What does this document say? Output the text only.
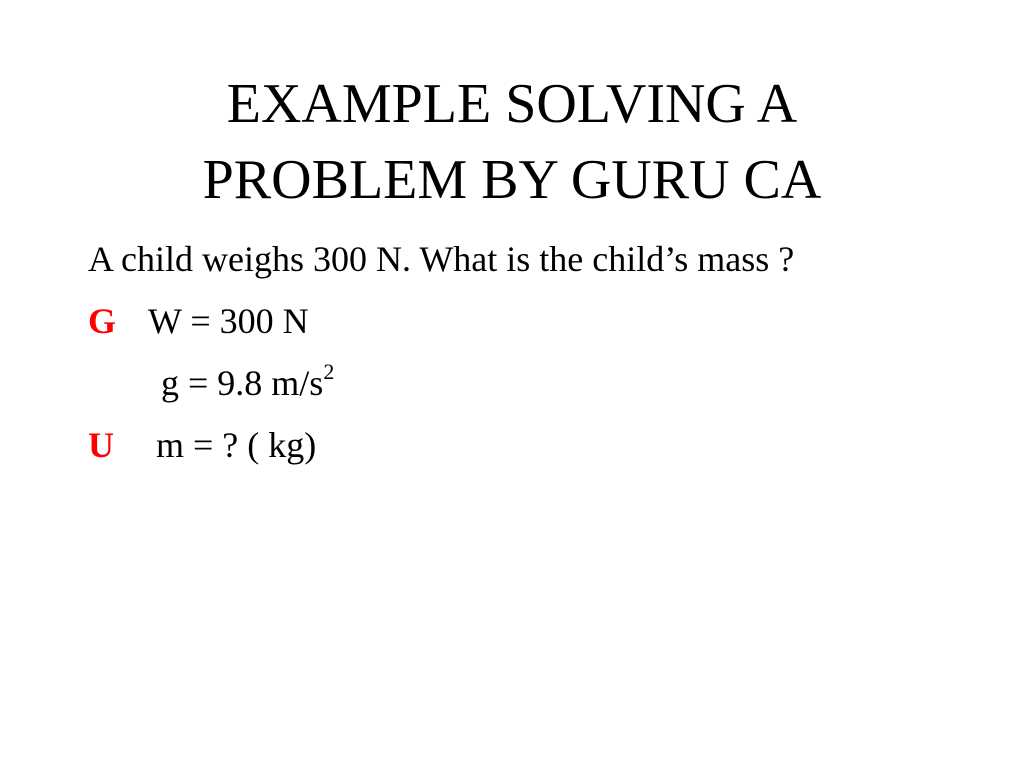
EXAMPLE SOLVING A
PROBLEM BY GURU CA

A child weighs 300 N. What is the child’s mass ?

G W = 300 N
g = 9.8 $m/s^2$
U m = ? ( kg)
